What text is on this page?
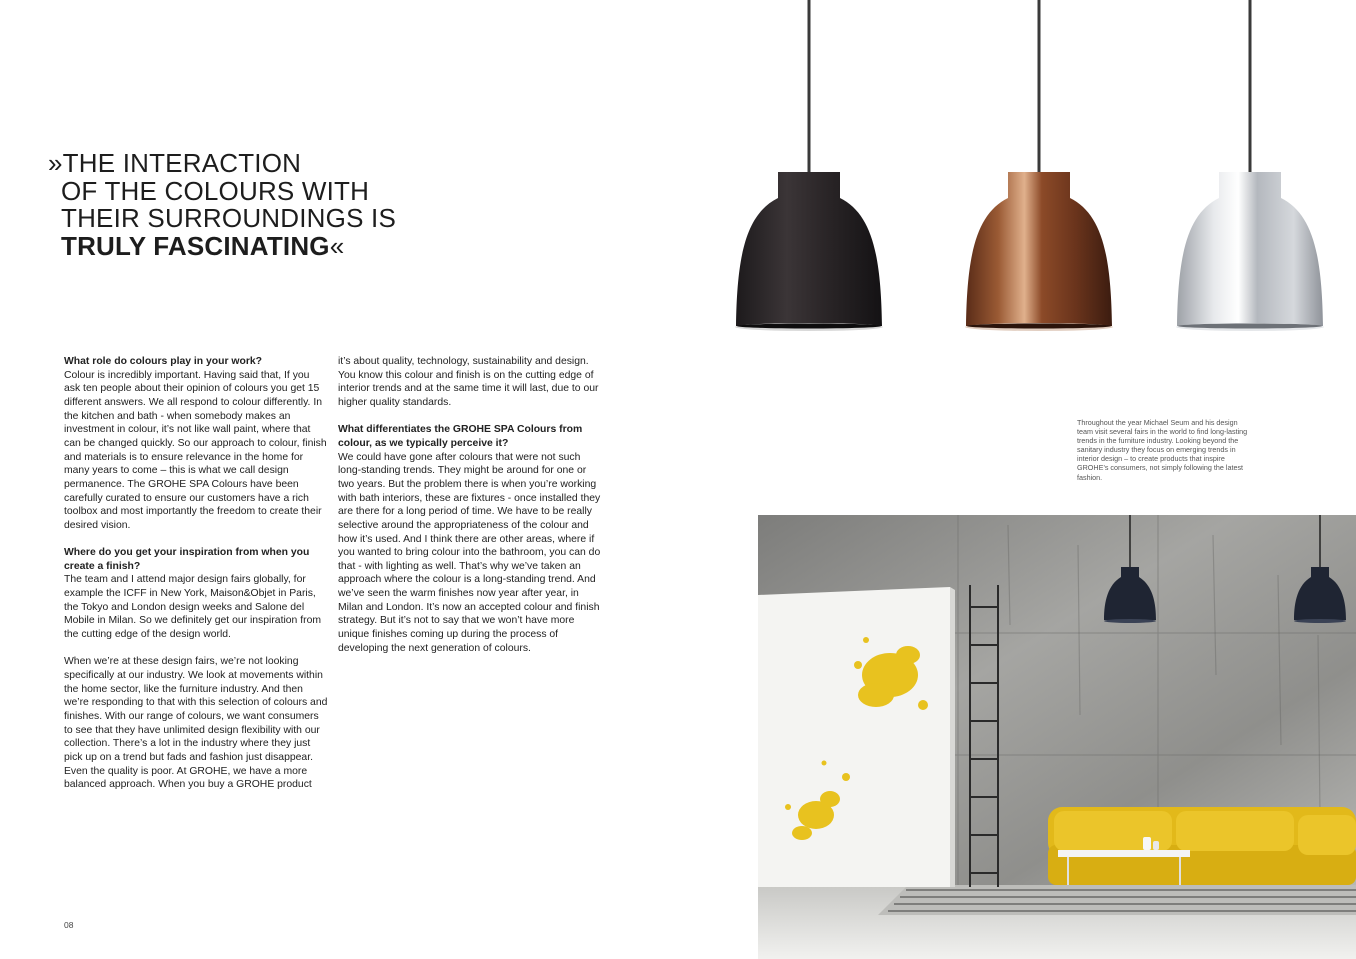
»THE INTERACTION
OF THE COLOURS WITH
THEIR SURROUNDINGS IS
TRULY FASCINATING«

What role do colours play in your work?
Colour is incredibly important. Having said that, If you ask ten people about their opinion of colours you get 15 different answers. We all respond to colour differently. In the kitchen and bath - when somebody makes an investment in colour, it’s not like wall paint, where that can be changed quickly. So our approach to colour, finish and materials is to ensure relevance in the home for many years to come – this is what we call design permanence. The GROHE SPA Colours have been carefully curated to ensure our customers have a rich toolbox and most importantly the freedom to create their desired vision.

Where do you get your inspiration from when you create a finish?
The team and I attend major design fairs globally, for example the ICFF in New York, Maison&Objet in Paris, the Tokyo and London design weeks and Salone del Mobile in Milan. So we definitely get our inspiration from the cutting edge of the design world.

When we’re at these design fairs, we’re not looking specifically at our industry. We look at movements within the home sector, like the furniture industry. And then we’re responding to that with this selection of colours and finishes. With our range of colours, we want consumers to see that they have unlimited design flexibility with our collection. There’s a lot in the industry where they just pick up on a trend but fads and fashion just disappear. Even the quality is poor. At GROHE, we have a more balanced approach. When you buy a GROHE product

it’s about quality, technology, sustainability and design. You know this colour and finish is on the cutting edge of interior trends and at the same time it will last, due to our higher quality standards.

What differentiates the GROHE SPA Colours from colour, as we typically perceive it?
We could have gone after colours that were not such long-standing trends. They might be around for one or two years. But the problem there is when you’re working with bath interiors, these are fixtures - once installed they are there for a long period of time. We have to be really selective around the appropriateness of the colour and how it’s used. And I think there are other areas, where if you wanted to bring colour into the bathroom, you can do that - with lighting as well. That’s why we’ve taken an approach where the colour is a long-standing trend. And we’ve seen the warm finishes now year after year, in Milan and London. It’s now an accepted colour and finish strategy. But it’s not to say that we won’t have more unique finishes coming up during the process of developing the next generation of colours.

08
Throughout the year Michael Seum and his design team visit several fairs in the world to find long-lasting trends in the furniture industry. Looking beyond the sanitary industry they focus on emerging trends in interior design – to create products that inspire GROHE’s consumers, not simply following the latest fashion.
